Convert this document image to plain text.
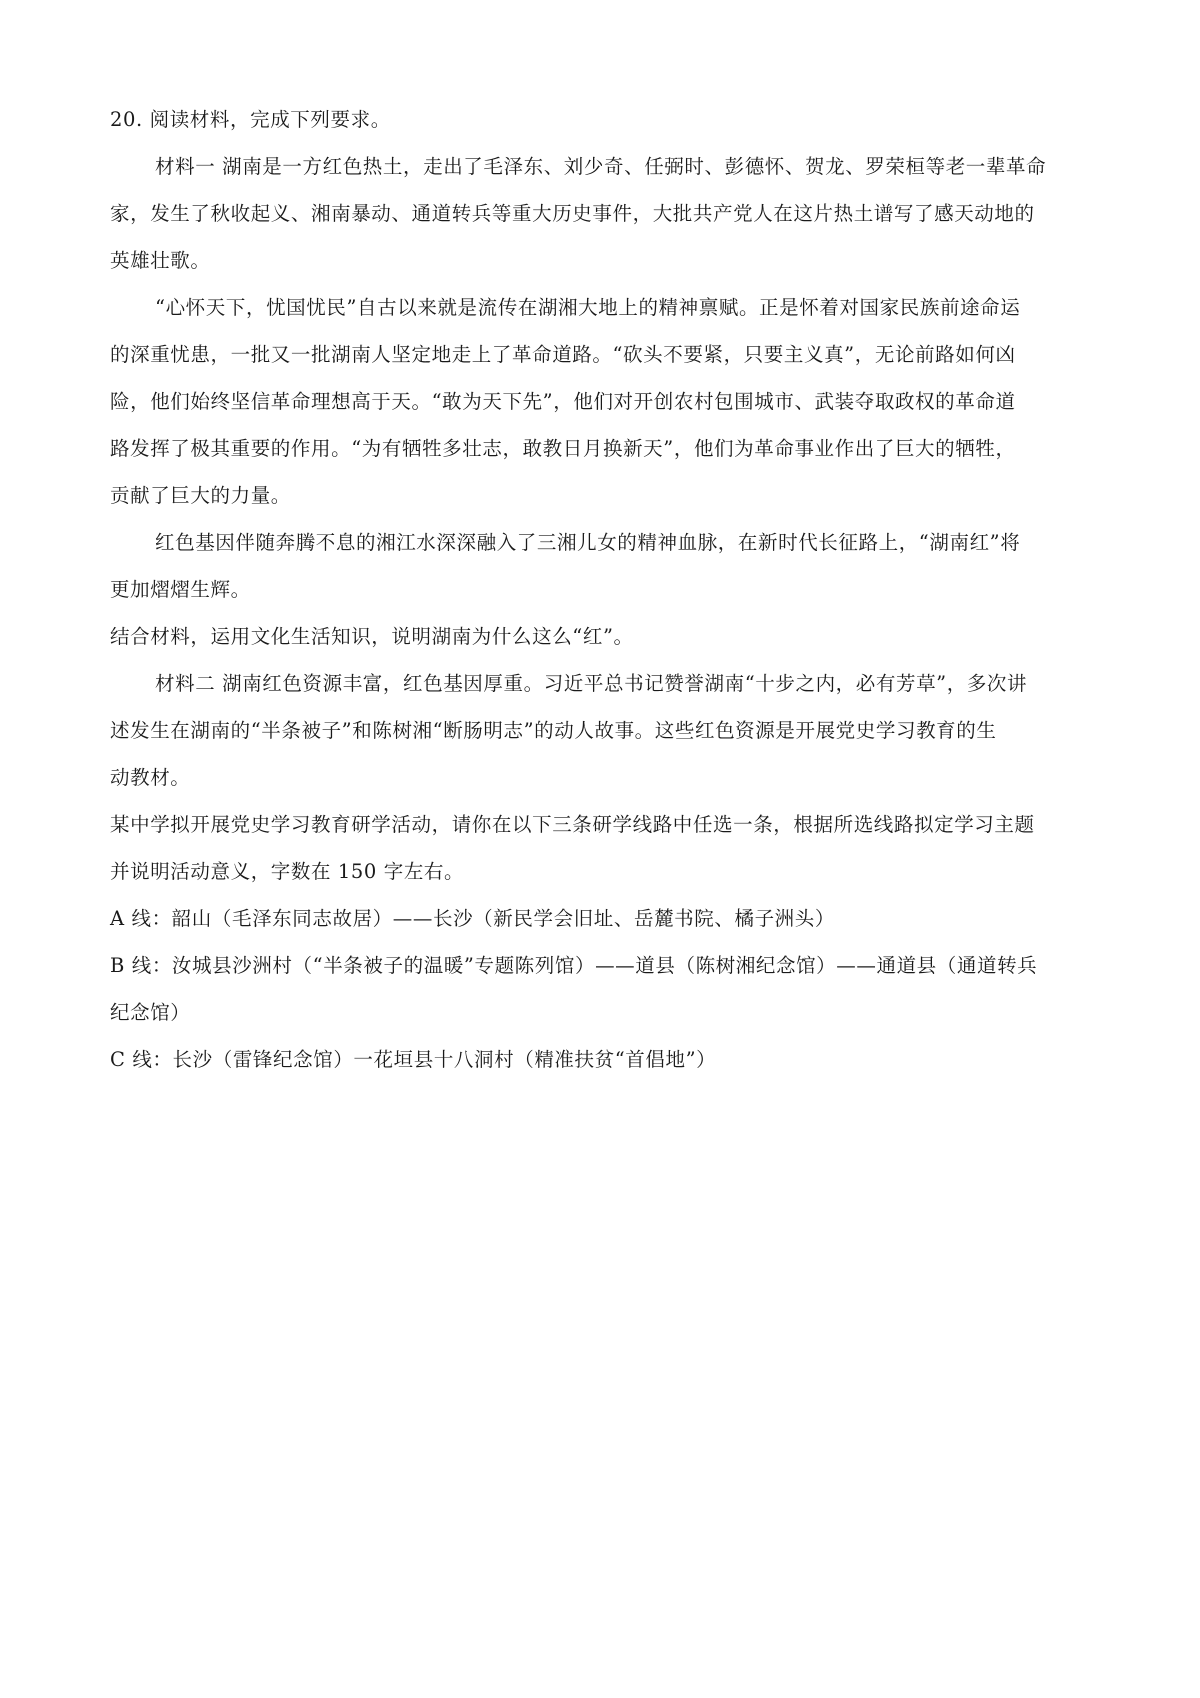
20. 阅读材料，完成下列要求。

材料一 湖南是一方红色热土，走出了毛泽东、刘少奇、任弼时、彭德怀、贺龙、罗荣桓等老一辈革命

家，发生了秋收起义、湘南暴动、通道转兵等重大历史事件，大批共产党人在这片热土谱写了感天动地的

英雄壮歌。

“心怀天下，忧国忧民”自古以来就是流传在湖湘大地上的精神禀赋。正是怀着对国家民族前途命运

的深重忧患，一批又一批湖南人坚定地走上了革命道路。“砍头不要紧，只要主义真”，无论前路如何凶

险，他们始终坚信革命理想高于天。“敢为天下先”，他们对开创农村包围城市、武装夺取政权的革命道

路发挥了极其重要的作用。“为有牺牲多壮志，敢教日月换新天”，他们为革命事业作出了巨大的牺牲，

贡献了巨大的力量。

红色基因伴随奔腾不息的湘江水深深融入了三湘儿女的精神血脉，在新时代长征路上，“湖南红”将

更加熠熠生辉。

结合材料，运用文化生活知识，说明湖南为什么这么“红”。

材料二 湖南红色资源丰富，红色基因厚重。习近平总书记赞誉湖南“十步之内，必有芳草”，多次讲

述发生在湖南的“半条被子”和陈树湘“断肠明志”的动人故事。这些红色资源是开展党史学习教育的生

动教材。

某中学拟开展党史学习教育研学活动，请你在以下三条研学线路中任选一条，根据所选线路拟定学习主题

并说明活动意义，字数在 150 字左右。

A 线：韶山（毛泽东同志故居）——长沙（新民学会旧址、岳麓书院、橘子洲头）

B 线：汝城县沙洲村（“半条被子的温暖”专题陈列馆）——道县（陈树湘纪念馆）——通道县（通道转兵

纪念馆）

C 线：长沙（雷锋纪念馆）一花垣县十八洞村（精准扶贫“首倡地”）
